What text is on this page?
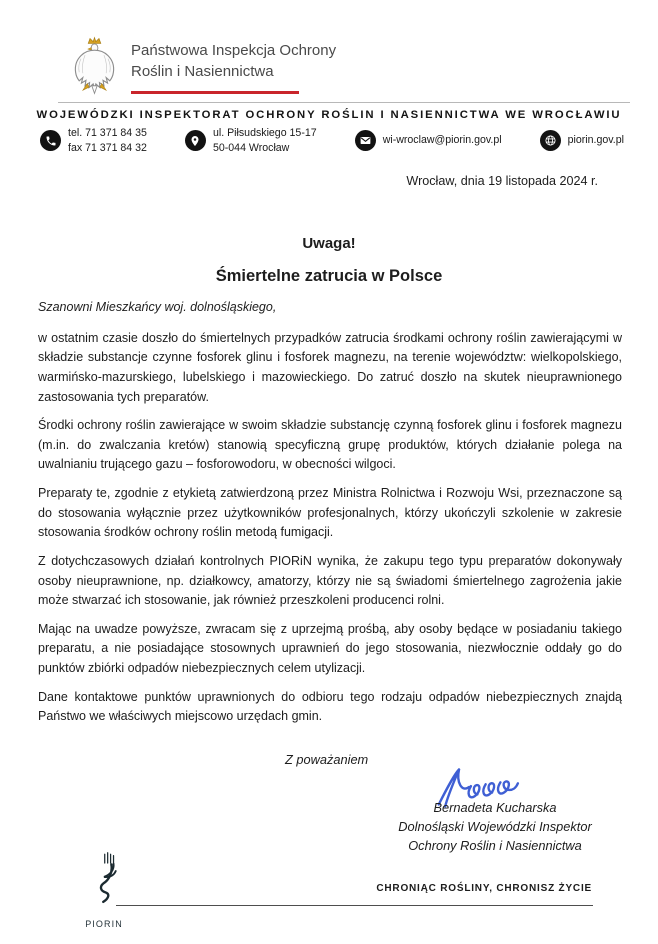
Państwowa Inspekcja Ochrony
Roślin i Nasiennictwa
WOJEWÓDZKI INSPEKTORAT OCHRONY ROŚLIN I NASIENNICTWA WE WROCŁAWIU
tel. 71 371 84 35
fax 71 371 84 32
ul. Piłsudskiego 15-17
50-044 Wrocław
wi-wroclaw@piorin.gov.pl	piorin.gov.pl
Wrocław, dnia 19 listopada 2024 r.
Uwaga!
Śmiertelne zatrucia w Polsce
Szanowni Mieszkańcy woj. dolnośląskiego,

w ostatnim czasie doszło do śmiertelnych przypadków zatrucia środkami ochrony roślin zawierającymi w składzie substancje czynne fosforek glinu i fosforek magnezu, na terenie województw: wielkopolskiego, warmińsko-mazurskiego, lubelskiego i mazowieckiego. Do zatruć doszło na skutek nieuprawnionego zastosowania tych preparatów.

Środki ochrony roślin zawierające w swoim składzie substancję czynną fosforek glinu i fosforek magnezu (m.in. do zwalczania kretów) stanowią specyficzną grupę produktów, których działanie polega na uwalnianiu trującego gazu – fosforowodoru, w obecności wilgoci.

Preparaty te, zgodnie z etykietą zatwierdzoną przez Ministra Rolnictwa i Rozwoju Wsi, przeznaczone są do stosowania wyłącznie przez użytkowników profesjonalnych, którzy ukończyli szkolenie w zakresie stosowania środków ochrony roślin metodą fumigacji.

Z dotychczasowych działań kontrolnych PIORiN wynika, że zakupu tego typu preparatów dokonywały osoby nieuprawnione, np. działkowcy, amatorzy, którzy nie są świadomi śmiertelnego zagrożenia jakie może stwarzać ich stosowanie, jak również przeszkoleni producenci rolni.

Mając na uwadze powyższe, zwracam się z uprzejmą prośbą, aby osoby będące w posiadaniu takiego preparatu, a nie posiadające stosownych uprawnień do jego stosowania, niezwłocznie oddały go do punktów zbiórki odpadów niebezpiecznych celem utylizacji.

Dane kontaktowe punktów uprawnionych do odbioru tego rodzaju odpadów niebezpiecznych znajdą Państwo we właściwych miejscowo urzędach gmin.

Z poważaniem
Bernadeta Kucharska
Dolnośląski Wojewódzki Inspektor
Ochrony Roślin i Nasiennictwa
PIORIN
CHRONIĄC ROŚLINY, CHRONISZ ŻYCIE
